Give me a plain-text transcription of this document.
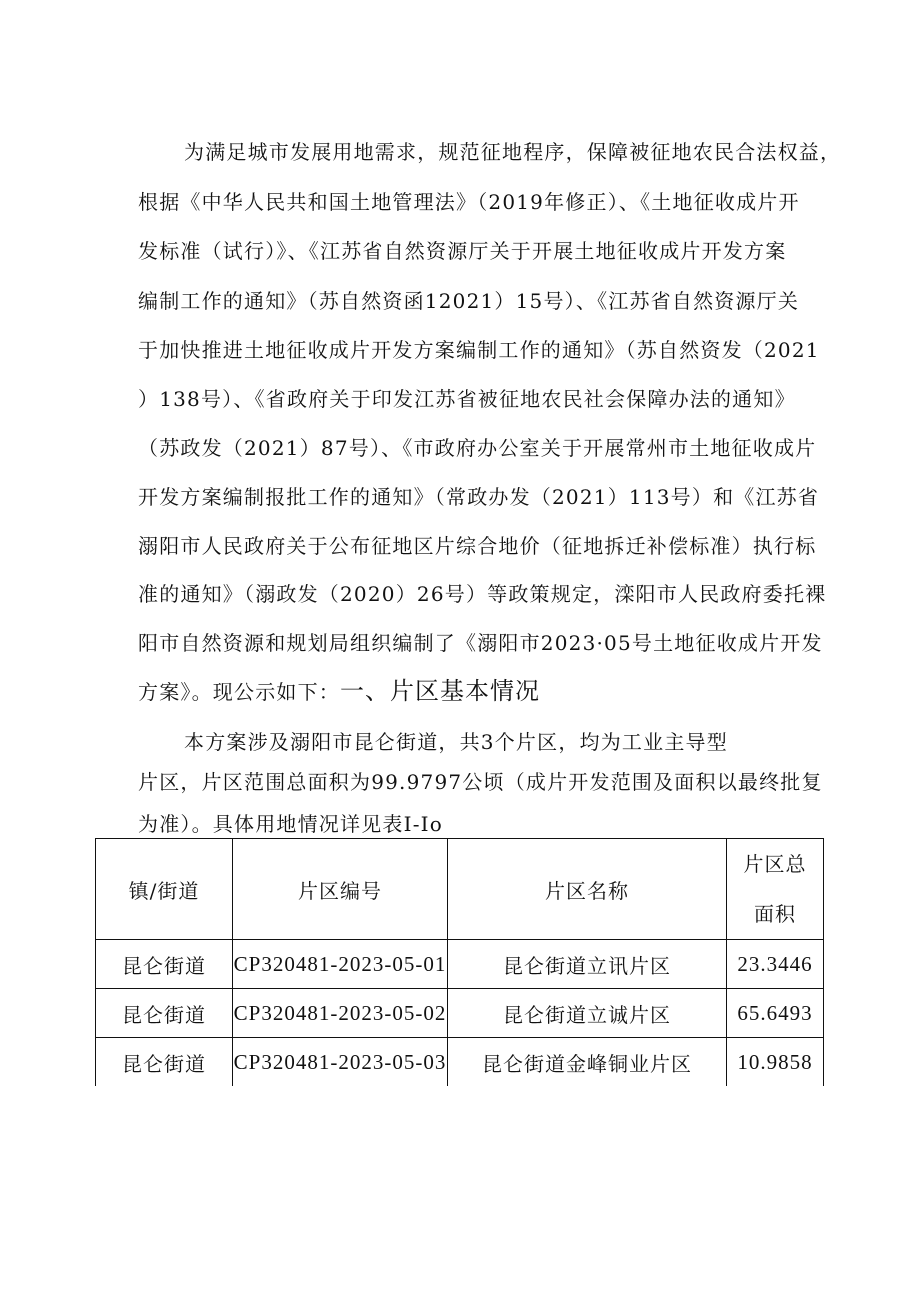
为满足城市发展用地需求，规范征地程序，保障被征地农民合法权益，
根据《中华人民共和国土地管理法》（2019年修正）、《土地征收成片开
发标准（试行）》、《江苏省自然资源厅关于开展土地征收成片开发方案
编制工作的通知》（苏自然资函12021）15号）、《江苏省自然资源厅关
于加快推进土地征收成片开发方案编制工作的通知》（苏自然资发（2021
）138号）、《省政府关于印发江苏省被征地农民社会保障办法的通知》
（苏政发（2021）87号）、《市政府办公室关于开展常州市土地征收成片
开发方案编制报批工作的通知》（常政办发（2021）113号）和《江苏省
溺阳市人民政府关于公布征地区片综合地价（征地拆迁补偿标准）执行标
准的通知》（溺政发（2020）26号）等政策规定，滦阳市人民政府委托裸
阳市自然资源和规划局组织编制了《溺阳市2023·05号土地征收成片开发
方案》。现公示如下：一、片区基本情况
本方案涉及溺阳市昆仑街道，共3个片区，均为工业主导型
片区，片区范围总面积为99.9797公顷（成片开发范围及面积以最终批复
为准）。具体用地情况详见表I-Io
镇/街道	片区编号	片区名称	片区总
面积

昆仑街道	CP320481-2023-05-01	昆仑街道立讯片区	23.3446
昆仑街道	CP320481-2023-05-02	昆仑街道立诚片区	65.6493
昆仑街道	CP320481-2023-05-03	昆仑街道金峰铜业片区	10.9858
